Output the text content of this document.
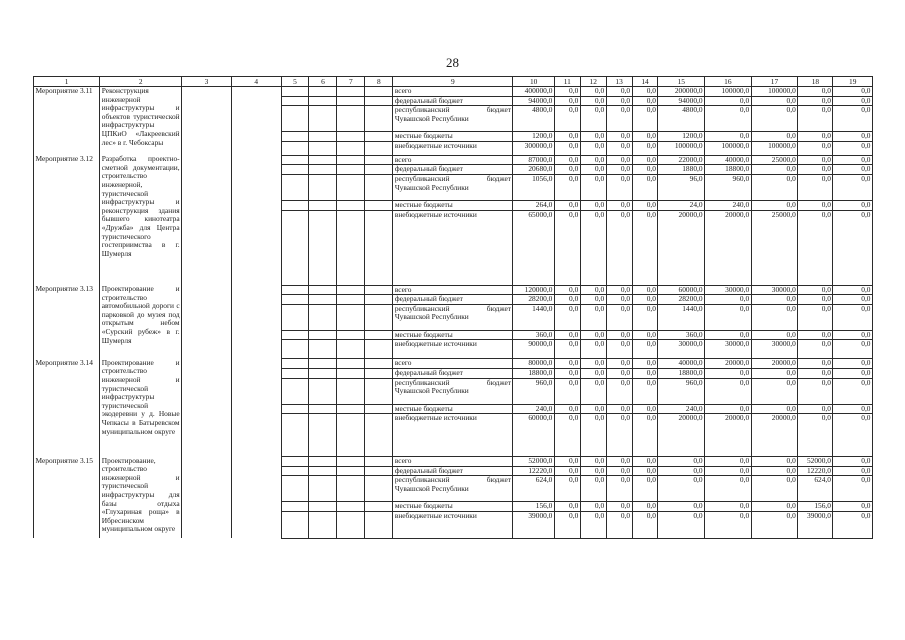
28
1	2	3	4	5	6	7	8	9	10	11	12	13	14	15	16	17	18	19
Мероприятие 3.11	Реконструкция инженерной инфраструктуры и объектов туристической инфраструктуры ЦПКиО «Лакреевский лес» в г. Чебоксары							всего	400000,0	0,0	0,0	0,0	0,0	200000,0	100000,0	100000,0	0,0	0,0
								федеральный бюджет	94000,0	0,0	0,0	0,0	0,0	94000,0	0,0	0,0	0,0	0,0
								республиканский бюджет Чувашской Республики	4800,0	0,0	0,0	0,0	0,0	4800,0	0,0	0,0	0,0	0,0
								местные бюджеты	1200,0	0,0	0,0	0,0	0,0	1200,0	0,0	0,0	0,0	0,0
								внебюджетные источники	300000,0	0,0	0,0	0,0	0,0	100000,0	100000,0	100000,0	0,0	0,0
Мероприятие 3.12	Разработка проектно-сметной документации, строительство инженерной, туристической инфраструктуры и реконструкция здания бывшего кинотеатра «Дружба» для Центра туристического гостеприимства в г. Шумерля							всего	87000,0	0,0	0,0	0,0	0,0	22000,0	40000,0	25000,0	0,0	0,0
								федеральный бюджет	20680,0	0,0	0,0	0,0	0,0	1880,0	18800,0	0,0	0,0	0,0
								республиканский бюджет Чувашской Республики	1056,0	0,0	0,0	0,0	0,0	96,0	960,0	0,0	0,0	0,0
								местные бюджеты	264,0	0,0	0,0	0,0	0,0	24,0	240,0	0,0	0,0	0,0
								внебюджетные источники	65000,0	0,0	0,0	0,0	0,0	20000,0	20000,0	25000,0	0,0	0,0
Мероприятие 3.13	Проектирование и строительство автомобильной дороги с парковкой до музея под открытым небом «Сурский рубеж» в г. Шумерля							всего	120000,0	0,0	0,0	0,0	0,0	60000,0	30000,0	30000,0	0,0	0,0
								федеральный бюджет	28200,0	0,0	0,0	0,0	0,0	28200,0	0,0	0,0	0,0	0,0
								республиканский бюджет Чувашской Республики	1440,0	0,0	0,0	0,0	0,0	1440,0	0,0	0,0	0,0	0,0
								местные бюджеты	360,0	0,0	0,0	0,0	0,0	360,0	0,0	0,0	0,0	0,0
								внебюджетные источники	90000,0	0,0	0,0	0,0	0,0	30000,0	30000,0	30000,0	0,0	0,0
Мероприятие 3.14	Проектирование и строительство инженерной и туристической инфраструктуры туристической экодеревни у д. Новые Чепкасы в Батыревском муниципальном округе							всего	80000,0	0,0	0,0	0,0	0,0	40000,0	20000,0	20000,0	0,0	0,0
								федеральный бюджет	18800,0	0,0	0,0	0,0	0,0	18800,0	0,0	0,0	0,0	0,0
								республиканский бюджет Чувашской Республики	960,0	0,0	0,0	0,0	0,0	960,0	0,0	0,0	0,0	0,0
								местные бюджеты	240,0	0,0	0,0	0,0	0,0	240,0	0,0	0,0	0,0	0,0
								внебюджетные источники	60000,0	0,0	0,0	0,0	0,0	20000,0	20000,0	20000,0	0,0	0,0
Мероприятие 3.15	Проектирование, строительство инженерной и туристической инфраструктуры для базы отдыха «Глухариная роща» в Ибресинском муниципальном округе							всего	52000,0	0,0	0,0	0,0	0,0	0,0	0,0	0,0	52000,0	0,0
								федеральный бюджет	12220,0	0,0	0,0	0,0	0,0	0,0	0,0	0,0	12220,0	0,0
								республиканский бюджет Чувашской Республики	624,0	0,0	0,0	0,0	0,0	0,0	0,0	0,0	624,0	0,0
								местные бюджеты	156,0	0,0	0,0	0,0	0,0	0,0	0,0	0,0	156,0	0,0
								внебюджетные источники	39000,0	0,0	0,0	0,0	0,0	0,0	0,0	0,0	39000,0	0,0
